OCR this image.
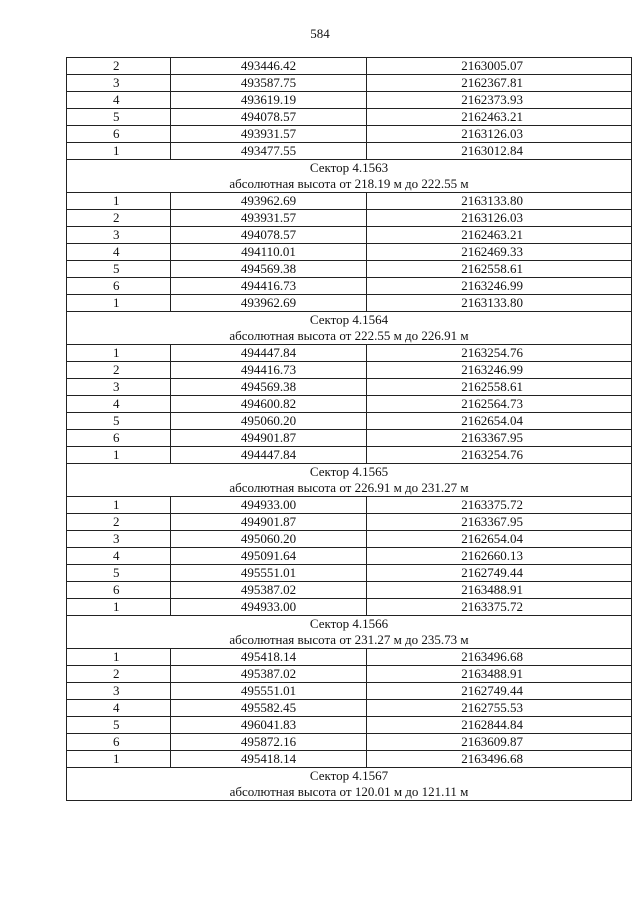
584
2	493446.42	2163005.07
3	493587.75	2162367.81
4	493619.19	2162373.93
5	494078.57	2162463.21
6	493931.57	2163126.03
1	493477.55	2163012.84
Сектор 4.1563		
абсолютная высота от 218.19 м до 222.55 м		
1	493962.69	2163133.80
2	493931.57	2163126.03
3	494078.57	2162463.21
4	494110.01	2162469.33
5	494569.38	2162558.61
6	494416.73	2163246.99
1	493962.69	2163133.80
Сектор 4.1564		
абсолютная высота от 222.55 м до 226.91 м		
1	494447.84	2163254.76
2	494416.73	2163246.99
3	494569.38	2162558.61
4	494600.82	2162564.73
5	495060.20	2162654.04
6	494901.87	2163367.95
1	494447.84	2163254.76
Сектор 4.1565		
абсолютная высота от 226.91 м до 231.27 м		
1	494933.00	2163375.72
2	494901.87	2163367.95
3	495060.20	2162654.04
4	495091.64	2162660.13
5	495551.01	2162749.44
6	495387.02	2163488.91
1	494933.00	2163375.72
Сектор 4.1566		
абсолютная высота от 231.27 м до 235.73 м		
1	495418.14	2163496.68
2	495387.02	2163488.91
3	495551.01	2162749.44
4	495582.45	2162755.53
5	496041.83	2162844.84
6	495872.16	2163609.87
1	495418.14	2163496.68
Сектор 4.1567		
абсолютная высота от 120.01 м до 121.11 м		
